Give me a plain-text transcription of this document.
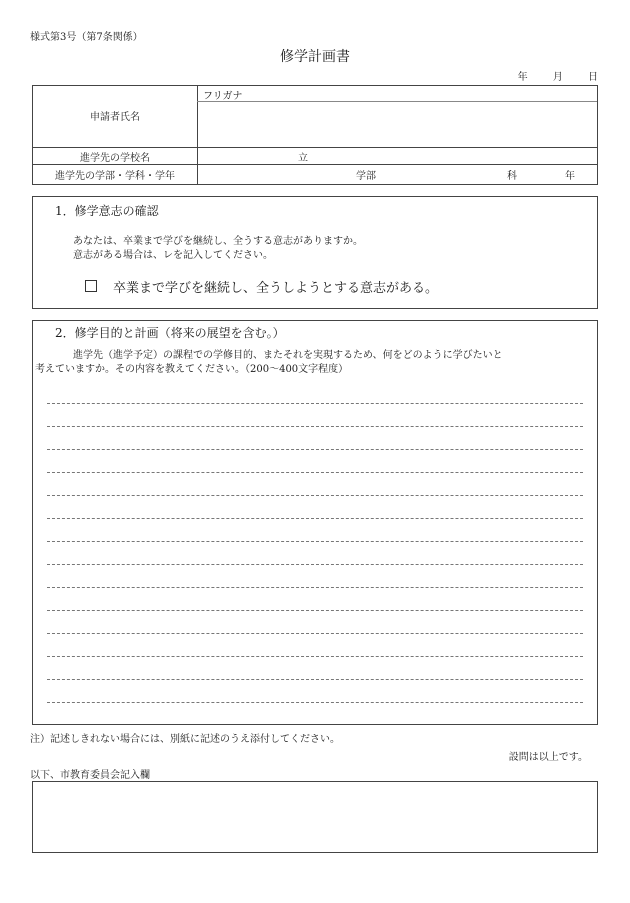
様式第3号（第7条関係）
修学計画書
年	月	日
申請者氏名
フリガナ
進学先の学校名	立
進学先の学部・学科・学年	学部	科	年
1．修学意志の確認
あなたは、卒業まで学びを継続し、全うする意志がありますか。
意志がある場合は、レを記入してください。
卒業まで学びを継続し、全うしようとする意志がある。
2．修学目的と計画（将来の展望を含む。）
進学先（進学予定）の課程での学修目的、またそれを実現するため、何をどのように学びたいと
考えていますか。その内容を教えてください。（200〜400文字程度）
注）記述しきれない場合には、別紙に記述のうえ添付してください。
設問は以上です。
以下、市教育委員会記入欄
